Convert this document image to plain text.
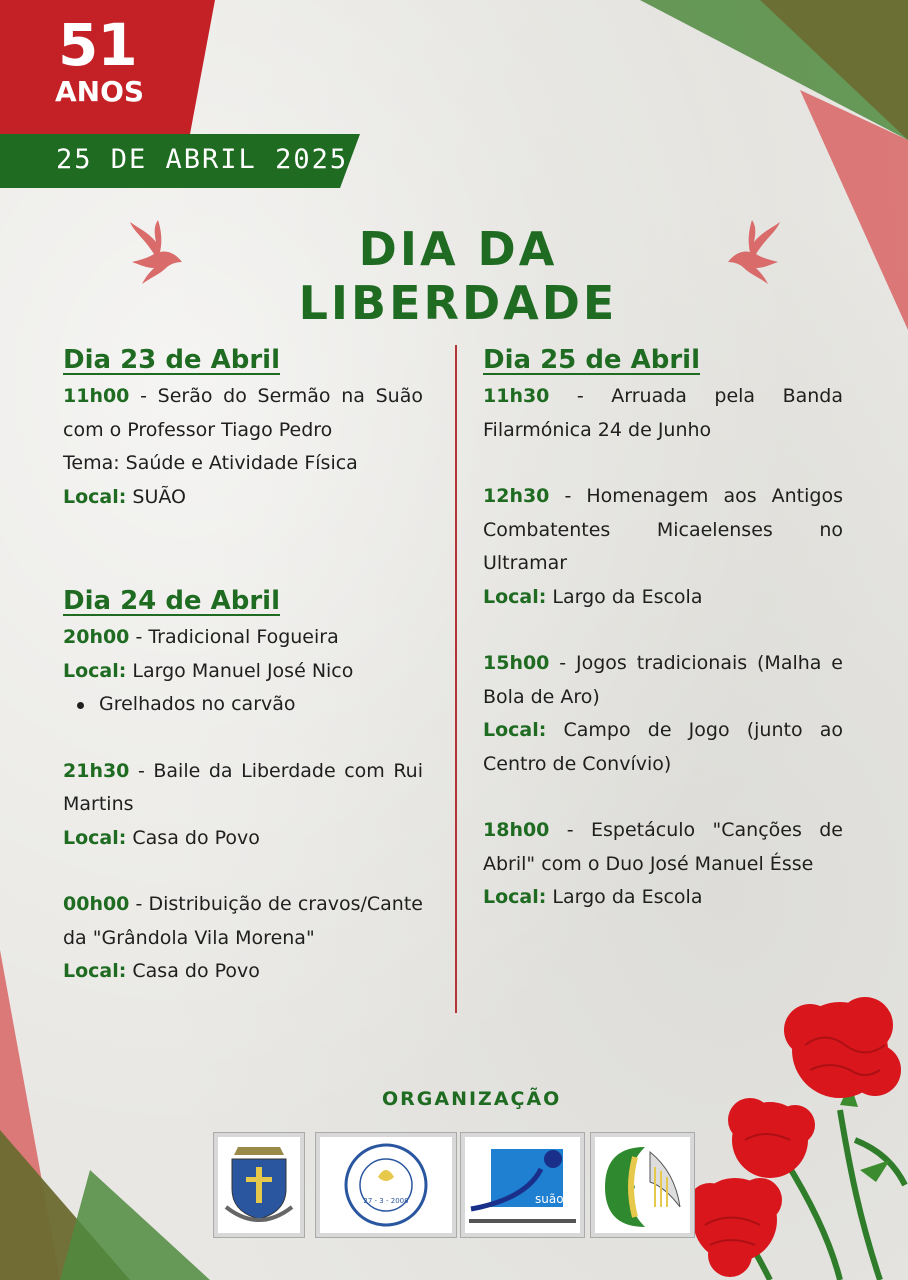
51
ANOS
25 DE ABRIL 2025
DIA DA LIBERDADE

Dia 23 de Abril

11h00 - Serão do Sermão na Suão com o Professor Tiago Pedro

Tema: Saúde e Atividade Física

Local: SUÃO

Dia 24 de Abril

20h00 - Tradicional Fogueira

Local: Largo Manuel José Nico

Grelhados no carvão

21h30 - Baile da Liberdade com Rui Martins

Local: Casa do Povo

00h00 - Distribuição de cravos/Cante da "Grândola Vila Morena"

Local: Casa do Povo

Dia 25 de Abril

11h30 - Arruada pela Banda Filarmónica 24 de Junho

12h30 - Homenagem aos Antigos Combatentes Micaelenses no Ultramar

Local: Largo da Escola

15h00 - Jogos tradicionais (Malha e Bola de Aro)

Local: Campo de Jogo (junto ao Centro de Convívio)

18h00 - Espetáculo "Canções de Abril" com o Duo José Manuel Ésse

Local: Largo da Escola

ORGANIZAÇÃO
27 - 3 - 2008	suão
